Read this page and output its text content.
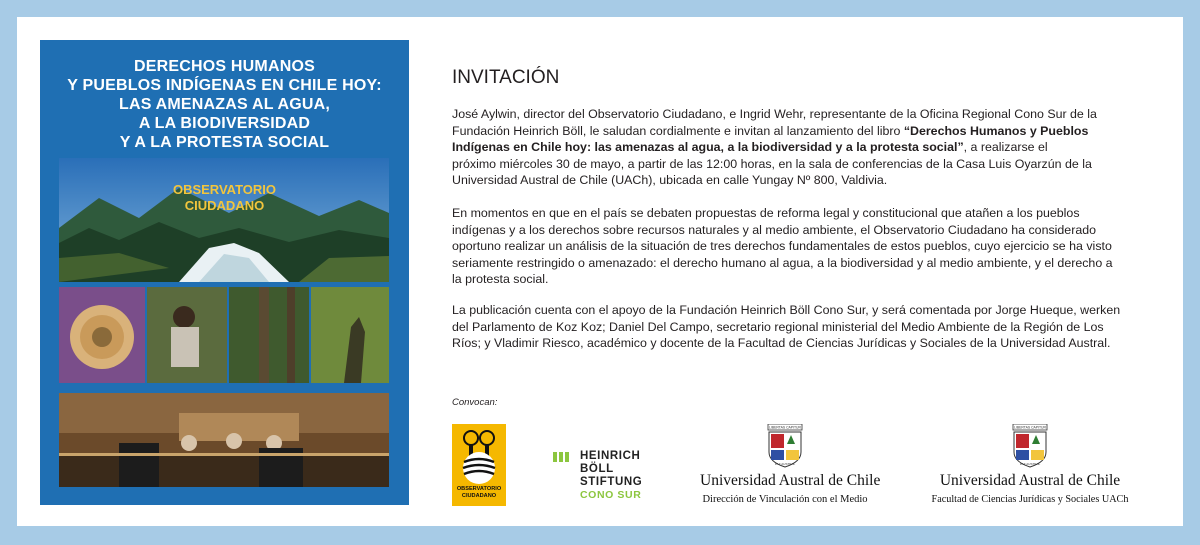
DERECHOS HUMANOS
Y PUEBLOS INDÍGENAS EN CHILE HOY:
LAS AMENAZAS AL AGUA,
A LA BIODIVERSIDAD
Y A LA PROTESTA SOCIAL
OBSERVATORIO
CIUDADANO
INVITACIÓN

José Aylwin, director del Observatorio Ciudadano, e Ingrid Wehr, representante de la Oficina Regional Cono Sur de la
Fundación Heinrich Böll, le saludan cordialmente e invitan al lanzamiento del libro “Derechos Humanos y Pueblos
Indígenas en Chile hoy: las amenazas al agua, a la biodiversidad y a la protesta social”, a realizarse el
próximo miércoles 30 de mayo, a partir de las 12:00 horas, en la sala de conferencias de la Casa Luis Oyarzún de la
Universidad Austral de Chile (UACh), ubicada en calle Yungay Nº 800, Valdivia.

En momentos en que en el país se debaten propuestas de reforma legal y constitucional que atañen a los pueblos
indígenas y a los derechos sobre recursos naturales y al medio ambiente, el Observatorio Ciudadano ha considerado
oportuno realizar un análisis de la situación de tres derechos fundamentales de estos pueblos, cuyo ejercicio se ha visto
seriamente restringido o amenazado: el derecho humano al agua, a la biodiversidad y al medio ambiente, y el derecho a
la protesta social.

La publicación cuenta con el apoyo de la Fundación Heinrich Böll Cono Sur, y será comentada por Jorge Hueque, werken
del Parlamento de Koz Koz; Daniel Del Campo, secretario regional ministerial del Medio Ambiente de la Región de Los
Ríos; y Vladimir Riesco, académico y docente de la Facultad de Ciencias Jurídicas y Sociales de la Universidad Austral.

Convocan:
OBSERVATORIO
CIUDADANO
HEINRICH
BÖLL
STIFTUNG
CONO SUR
LIBERTAS CAPITUR
PAX AUSTRAL
Universidad Austral de Chile
Dirección de Vinculación con el Medio
LIBERTAS CAPITUR
PAX AUSTRAL
Universidad Austral de Chile
Facultad de Ciencias Jurídicas y Sociales UACh
